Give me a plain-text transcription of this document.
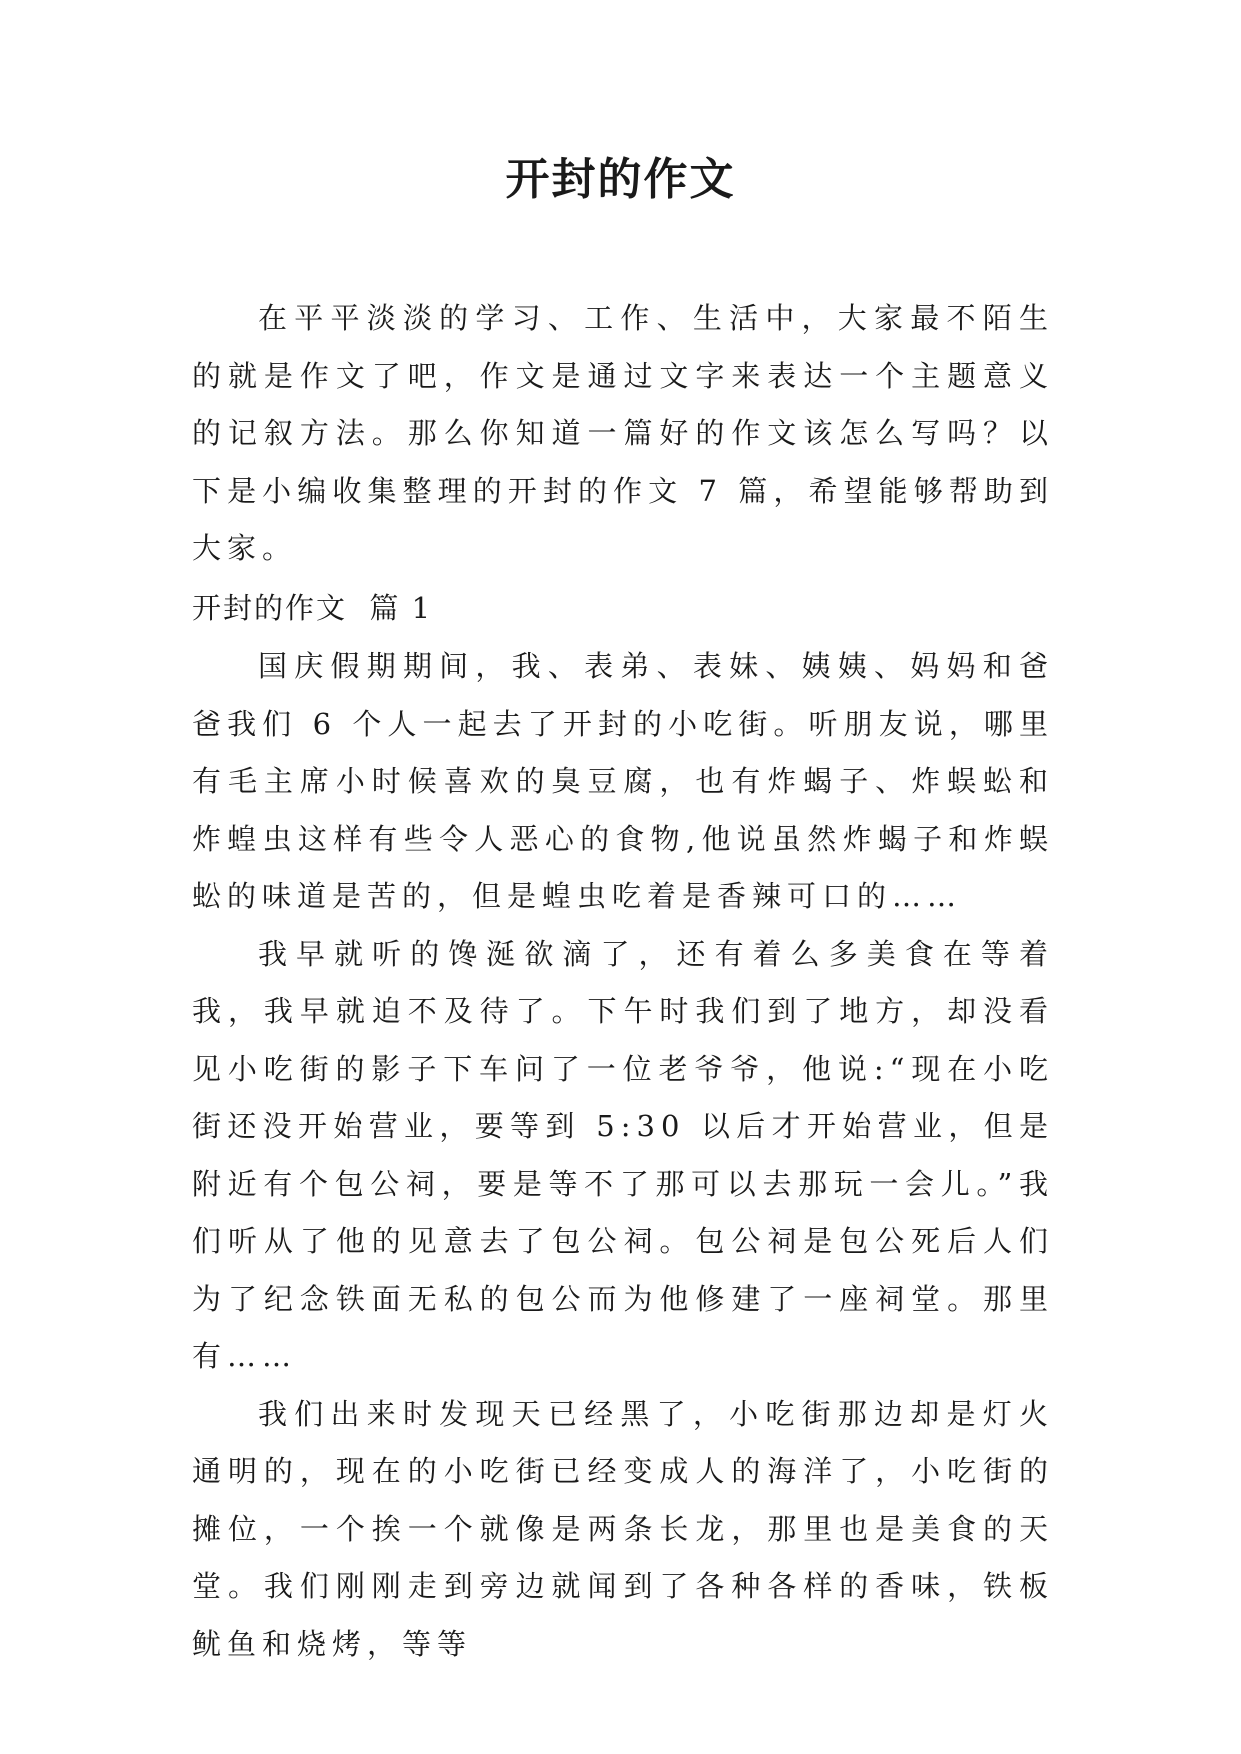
开封的作文

在平平淡淡的学习、工作、生活中，大家最不陌生的就是作文了吧，作文是通过文字来表达一个主题意义的记叙方法。那么你知道一篇好的作文该怎么写吗？以下是小编收集整理的开封的作文 7 篇，希望能够帮助到大家。

开封的作文  篇 1

国庆假期期间，我、表弟、表妹、姨姨、妈妈和爸爸我们 6 个人一起去了开封的小吃街。听朋友说，哪里有毛主席小时候喜欢的臭豆腐，也有炸蝎子、炸蜈蚣和炸蝗虫这样有些令人恶心的食物,他说虽然炸蝎子和炸蜈蚣的味道是苦的，但是蝗虫吃着是香辣可口的……

我早就听的馋涎欲滴了，还有着么多美食在等着我，我早就迫不及待了。下午时我们到了地方，却没看见小吃街的影子下车问了一位老爷爷，他说:“现在小吃街还没开始营业，要等到 5:30 以后才开始营业，但是附近有个包公祠，要是等不了那可以去那玩一会儿。”我们听从了他的见意去了包公祠。包公祠是包公死后人们为了纪念铁面无私的包公而为他修建了一座祠堂。那里有……

我们出来时发现天已经黑了，小吃街那边却是灯火通明的，现在的小吃街已经变成人的海洋了，小吃街的摊位，一个挨一个就像是两条长龙，那里也是美食的天堂。我们刚刚走到旁边就闻到了各种各样的香味，铁板鱿鱼和烧烤，等等
